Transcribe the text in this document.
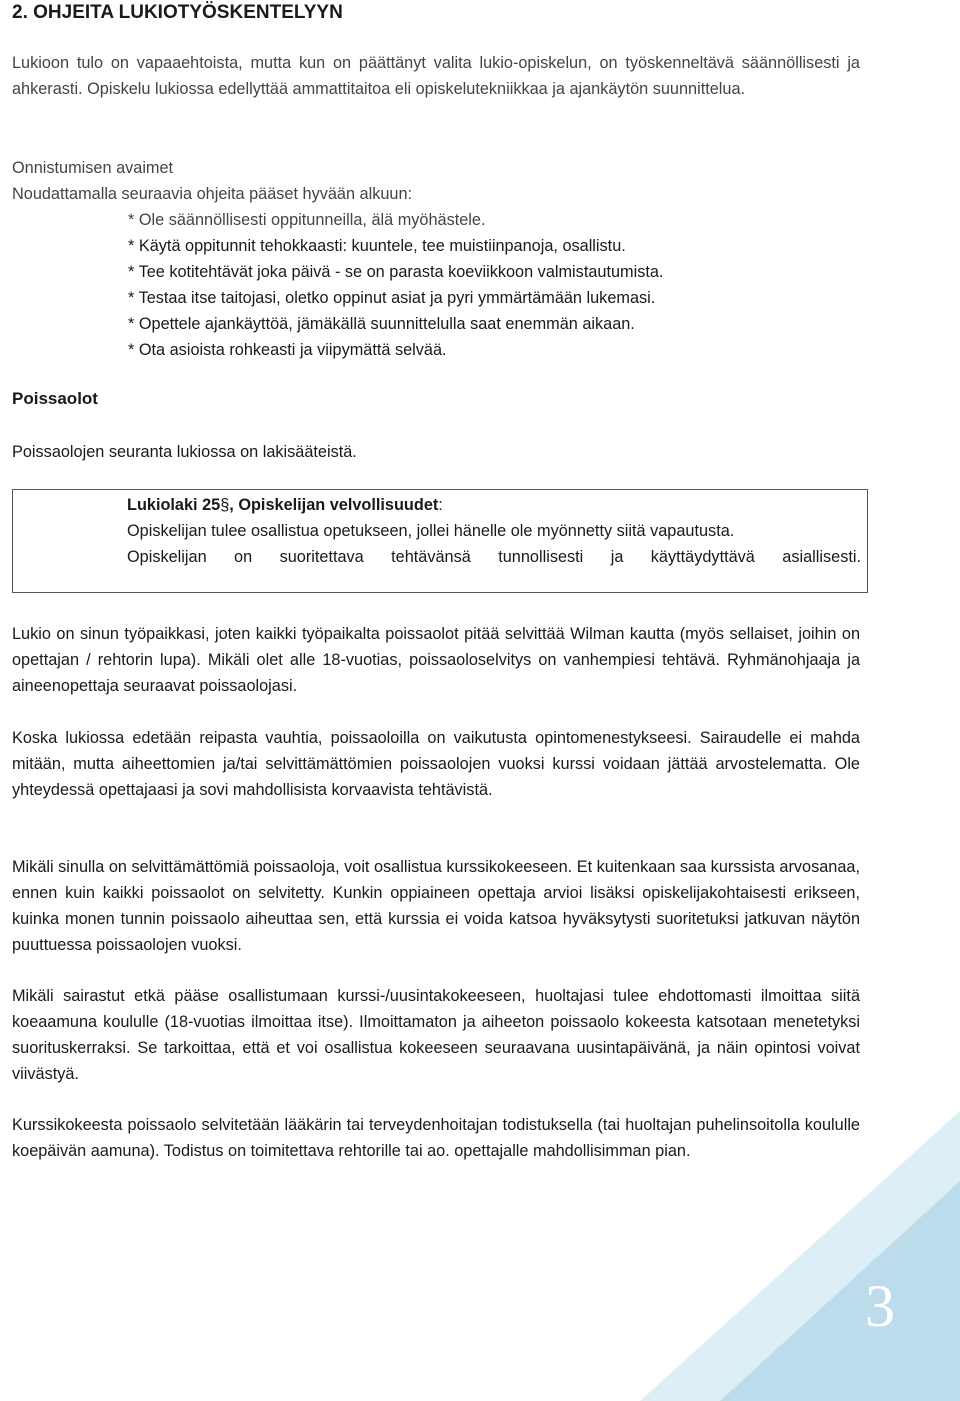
2. OHJEITA LUKIOTYÖSKENTELYYN

Lukioon tulo on vapaaehtoista, mutta kun on päättänyt valita lukio-opiskelun, on työskenneltävä säännöllisesti ja ahkerasti. Opiskelu lukiossa edellyttää ammattitaitoa eli opiskelutekniikkaa ja ajankäytön suunnittelua.

Onnistumisen avaimet

Noudattamalla seuraavia ohjeita pääset hyvään alkuun:

* Ole säännöllisesti oppitunneilla, älä myöhästele.
* Käytä oppitunnit tehokkaasti: kuuntele, tee muistiinpanoja, osallistu.
* Tee kotitehtävät joka päivä - se on parasta koeviikkoon valmistautumista.
* Testaa itse taitojasi, oletko oppinut asiat ja pyri ymmärtämään lukemasi.
* Opettele ajankäyttöä, jämäkällä suunnittelulla saat enemmän aikaan.
* Ota asioista rohkeasti ja viipymättä selvää.
Poissaolot

Poissaolojen seuranta lukiossa on lakisääteistä.

Lukiolaki 25§, Opiskelijan velvollisuudet:

Opiskelijan tulee osallistua opetukseen, jollei hänelle ole myönnetty siitä vapautusta.
Opiskelijan on suoritettava tehtävänsä tunnollisesti ja käyttäydyttävä asiallisesti.

Lukio on sinun työpaikkasi, joten kaikki työpaikalta poissaolot pitää selvittää Wilman kautta (myös sellaiset, joihin on opettajan / rehtorin lupa). Mikäli olet alle 18-vuotias, poissaoloselvitys on vanhempiesi tehtävä. Ryhmänohjaaja ja aineenopettaja seuraavat poissaolojasi.

Koska lukiossa edetään reipasta vauhtia, poissaoloilla on vaikutusta opintomenestykseesi. Sairaudelle ei mahda mitään, mutta aiheettomien ja/tai selvittämättömien poissaolojen vuoksi kurssi voidaan jättää arvostelematta. Ole yhteydessä opettajaasi ja sovi mahdollisista korvaavista tehtävistä.

Mikäli sinulla on selvittämättömiä poissaoloja, voit osallistua kurssikokeeseen. Et kuitenkaan saa kurssista arvosanaa, ennen kuin kaikki poissaolot on selvitetty. Kunkin oppiaineen opettaja arvioi lisäksi opiskelijakohtaisesti erikseen, kuinka monen tunnin poissaolo aiheuttaa sen, että kurssia ei voida katsoa hyväksytysti suoritetuksi jatkuvan näytön puuttuessa poissaolojen vuoksi.

Mikäli sairastut etkä pääse osallistumaan kurssi-/uusintakokeeseen, huoltajasi tulee ehdottomasti ilmoittaa siitä koeaamuna koululle (18-vuotias ilmoittaa itse). Ilmoittamaton ja aiheeton poissaolo kokeesta katsotaan menetetyksi suorituskerraksi. Se tarkoittaa, että et voi osallistua kokeeseen seuraavana uusintapäivänä, ja näin opintosi voivat viivästyä.

Kurssikokeesta poissaolo selvitetään lääkärin tai terveydenhoitajan todistuksella (tai huoltajan puhelinsoitolla koululle koepäivän aamuna). Todistus on toimitettava rehtorille tai ao. opettajalle mahdollisimman pian.

3
